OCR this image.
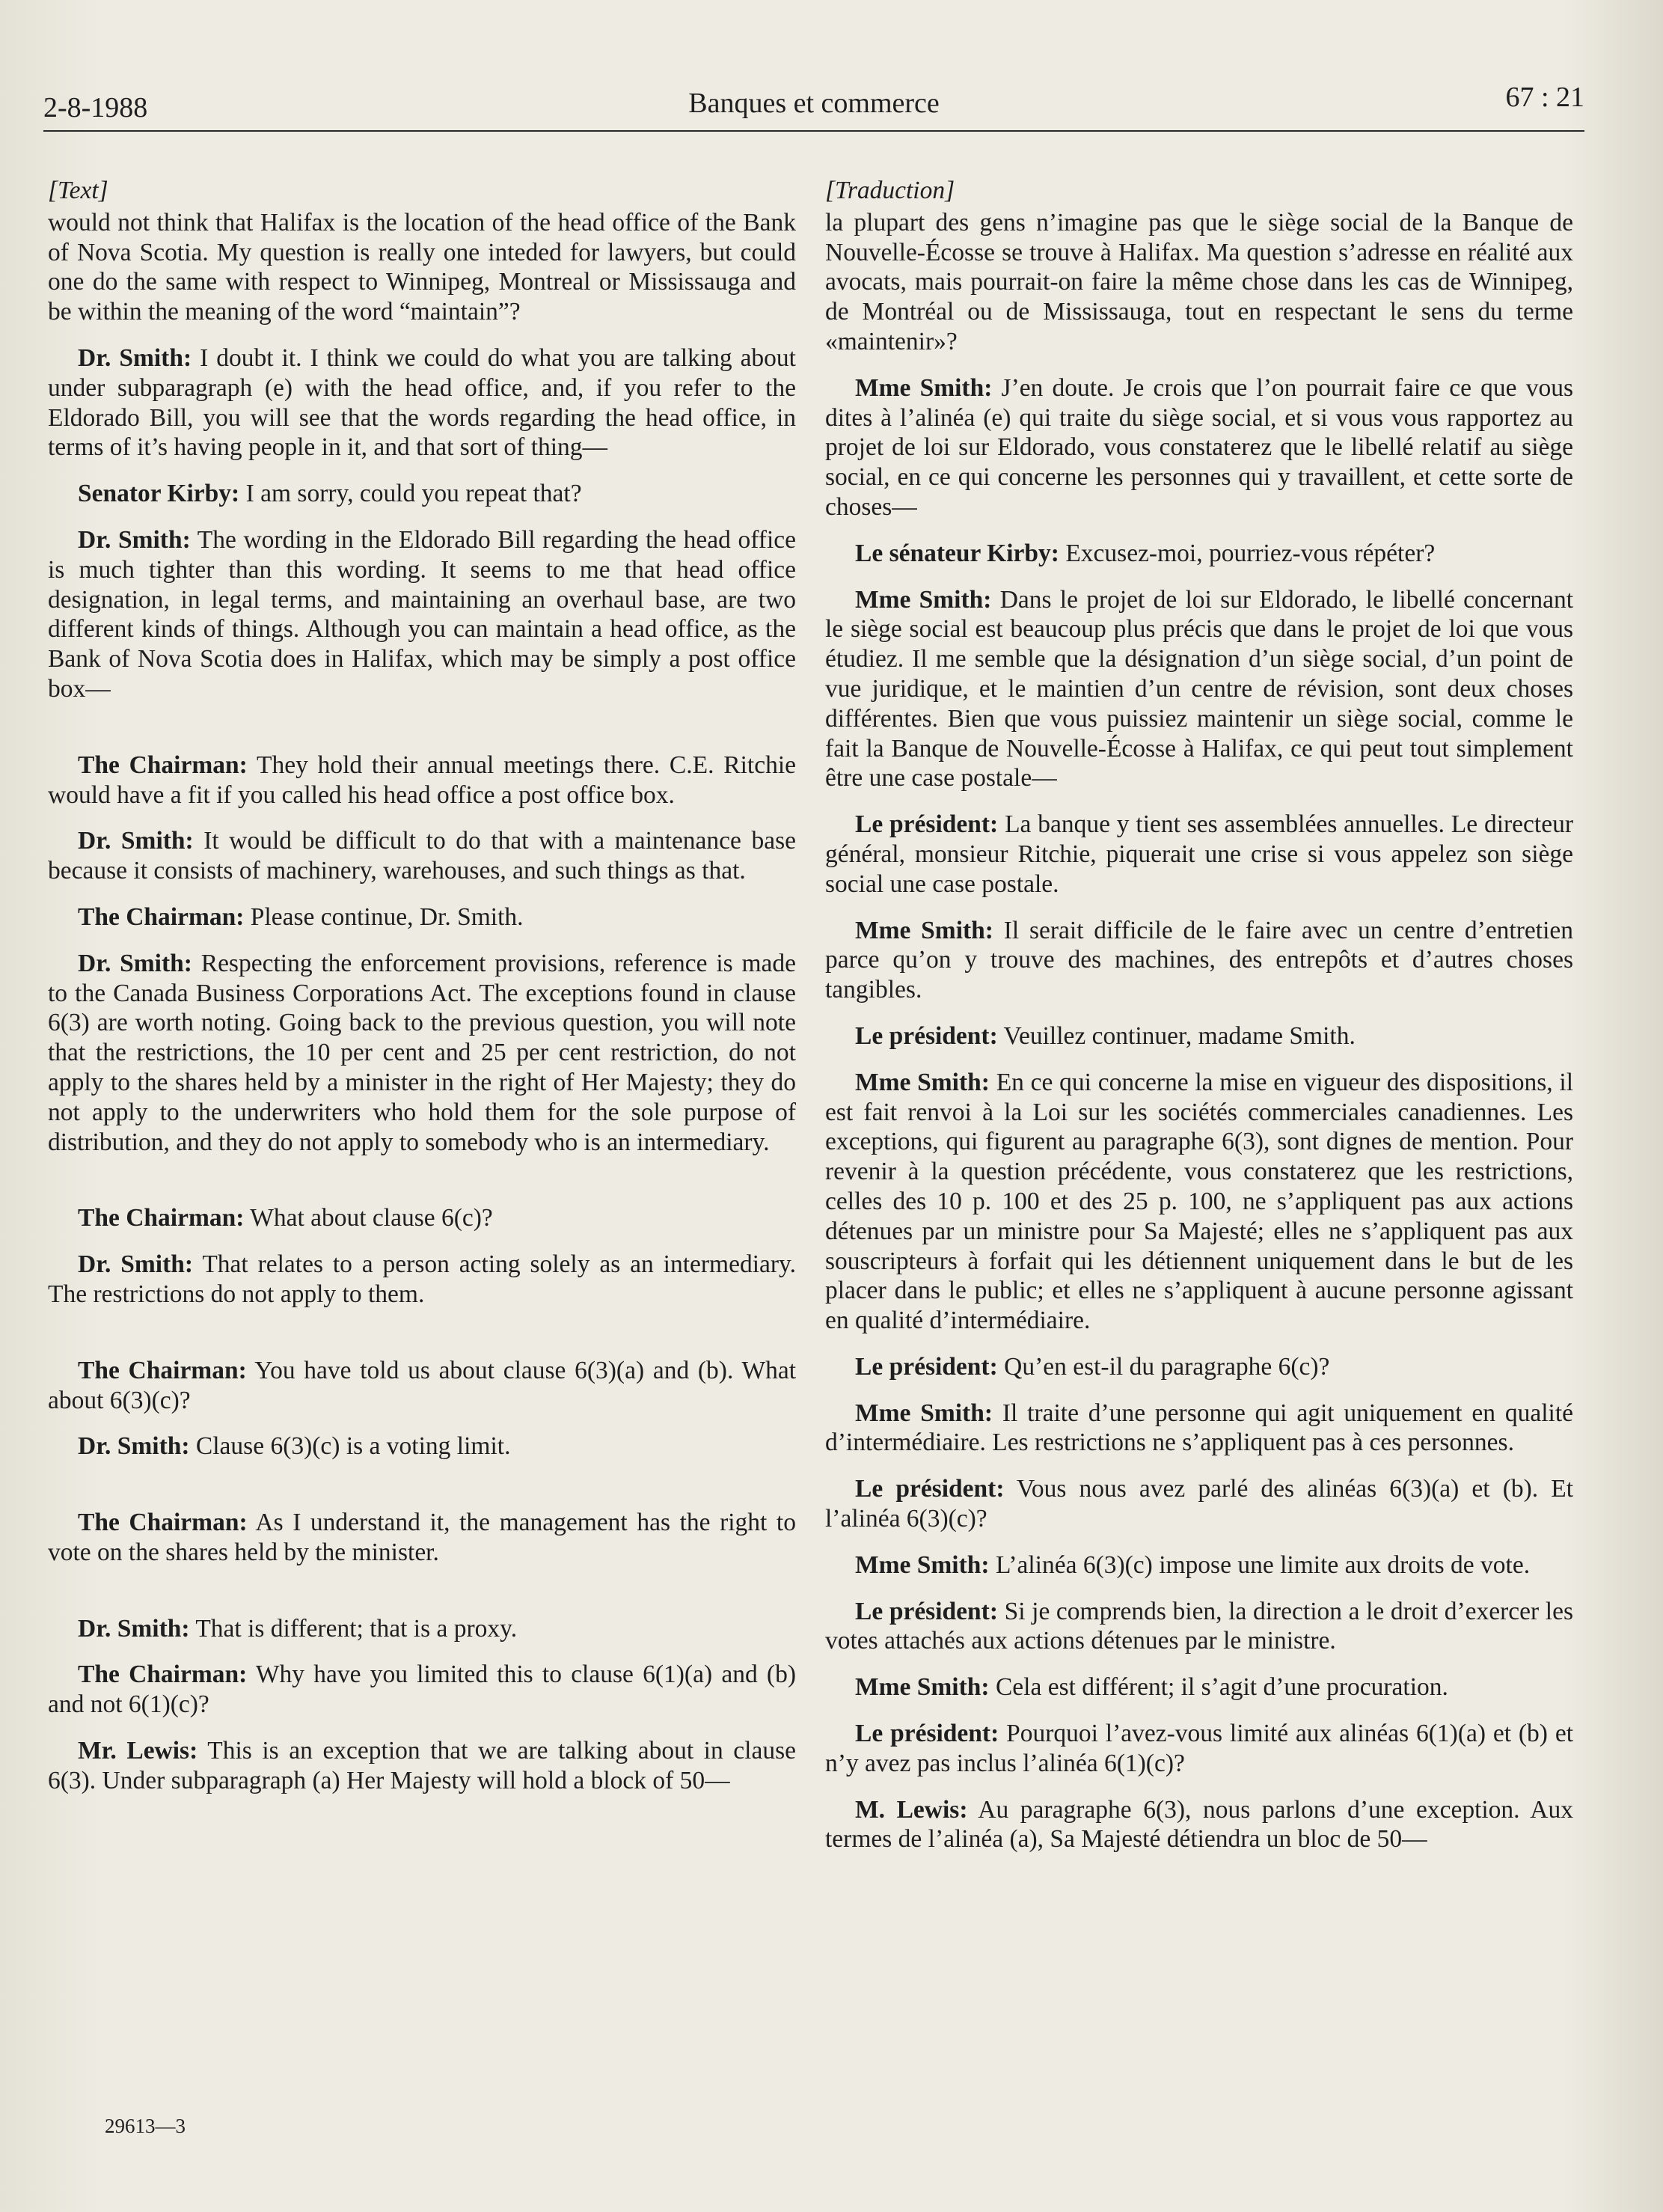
2-8-1988	Banques et commerce	67 : 21
[Text]
would not think that Halifax is the location of the head office of the Bank of Nova Scotia. My question is really one inteded for lawyers, but could one do the same with respect to Winnipeg, Montreal or Mississauga and be within the meaning of the word “maintain”?
Dr. Smith: I doubt it. I think we could do what you are talking about under subparagraph (e) with the head office, and, if you refer to the Eldorado Bill, you will see that the words regarding the head office, in terms of it’s having people in it, and that sort of thing—
Senator Kirby: I am sorry, could you repeat that?
Dr. Smith: The wording in the Eldorado Bill regarding the head office is much tighter than this wording. It seems to me that head office designation, in legal terms, and maintaining an overhaul base, are two different kinds of things. Although you can maintain a head office, as the Bank of Nova Scotia does in Halifax, which may be simply a post office box—
The Chairman: They hold their annual meetings there. C.E. Ritchie would have a fit if you called his head office a post office box.
Dr. Smith: It would be difficult to do that with a maintenance base because it consists of machinery, warehouses, and such things as that.
The Chairman: Please continue, Dr. Smith.
Dr. Smith: Respecting the enforcement provisions, reference is made to the Canada Business Corporations Act. The exceptions found in clause 6(3) are worth noting. Going back to the previous question, you will note that the restrictions, the 10 per cent and 25 per cent restriction, do not apply to the shares held by a minister in the right of Her Majesty; they do not apply to the underwriters who hold them for the sole purpose of distribution, and they do not apply to somebody who is an intermediary.
The Chairman: What about clause 6(c)?
Dr. Smith: That relates to a person acting solely as an intermediary. The restrictions do not apply to them.
The Chairman: You have told us about clause 6(3)(a) and (b). What about 6(3)(c)?
Dr. Smith: Clause 6(3)(c) is a voting limit.
The Chairman: As I understand it, the management has the right to vote on the shares held by the minister.
Dr. Smith: That is different; that is a proxy.
The Chairman: Why have you limited this to clause 6(1)(a) and (b) and not 6(1)(c)?
Mr. Lewis: This is an exception that we are talking about in clause 6(3). Under subparagraph (a) Her Majesty will hold a block of 50—
[Traduction]
la plupart des gens n’imagine pas que le siège social de la Banque de Nouvelle-Écosse se trouve à Halifax. Ma question s’adresse en réalité aux avocats, mais pourrait-on faire la même chose dans les cas de Winnipeg, de Montréal ou de Mississauga, tout en respectant le sens du terme «maintenir»?
Mme Smith: J’en doute. Je crois que l’on pourrait faire ce que vous dites à l’alinéa (e) qui traite du siège social, et si vous vous rapportez au projet de loi sur Eldorado, vous constaterez que le libellé relatif au siège social, en ce qui concerne les personnes qui y travaillent, et cette sorte de choses—
Le sénateur Kirby: Excusez-moi, pourriez-vous répéter?
Mme Smith: Dans le projet de loi sur Eldorado, le libellé concernant le siège social est beaucoup plus précis que dans le projet de loi que vous étudiez. Il me semble que la désignation d’un siège social, d’un point de vue juridique, et le maintien d’un centre de révision, sont deux choses différentes. Bien que vous puissiez maintenir un siège social, comme le fait la Banque de Nouvelle-Écosse à Halifax, ce qui peut tout simplement être une case postale—
Le président: La banque y tient ses assemblées annuelles. Le directeur général, monsieur Ritchie, piquerait une crise si vous appelez son siège social une case postale.
Mme Smith: Il serait difficile de le faire avec un centre d’entretien parce qu’on y trouve des machines, des entrepôts et d’autres choses tangibles.
Le président: Veuillez continuer, madame Smith.
Mme Smith: En ce qui concerne la mise en vigueur des dispositions, il est fait renvoi à la Loi sur les sociétés commerciales canadiennes. Les exceptions, qui figurent au paragraphe 6(3), sont dignes de mention. Pour revenir à la question précédente, vous constaterez que les restrictions, celles des 10 p. 100 et des 25 p. 100, ne s’appliquent pas aux actions détenues par un ministre pour Sa Majesté; elles ne s’appliquent pas aux souscripteurs à forfait qui les détiennent uniquement dans le but de les placer dans le public; et elles ne s’appliquent à aucune personne agissant en qualité d’intermédiaire.
Le président: Qu’en est-il du paragraphe 6(c)?
Mme Smith: Il traite d’une personne qui agit uniquement en qualité d’intermédiaire. Les restrictions ne s’appliquent pas à ces personnes.
Le président: Vous nous avez parlé des alinéas 6(3)(a) et (b). Et l’alinéa 6(3)(c)?
Mme Smith: L’alinéa 6(3)(c) impose une limite aux droits de vote.
Le président: Si je comprends bien, la direction a le droit d’exercer les votes attachés aux actions détenues par le ministre.
Mme Smith: Cela est différent; il s’agit d’une procuration.
Le président: Pourquoi l’avez-vous limité aux alinéas 6(1)(a) et (b) et n’y avez pas inclus l’alinéa 6(1)(c)?
M. Lewis: Au paragraphe 6(3), nous parlons d’une exception. Aux termes de l’alinéa (a), Sa Majesté détiendra un bloc de 50—
29613—3
